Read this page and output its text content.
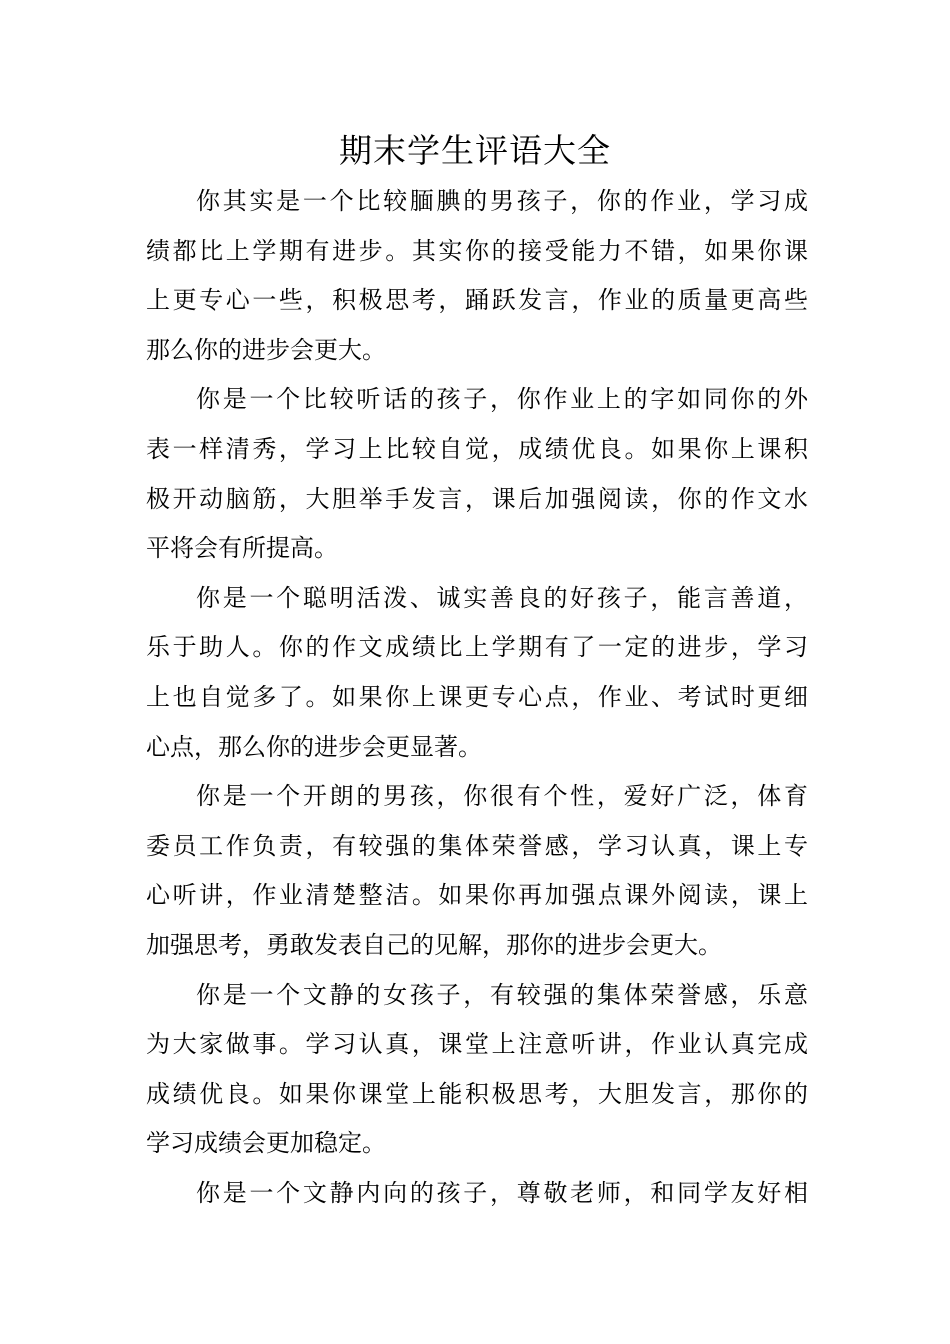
期末学生评语大全
你其实是一个比较腼腆的男孩子，你的作业，学习成
绩都比上学期有进步。其实你的接受能力不错，如果你课
上更专心一些，积极思考，踊跃发言，作业的质量更高些
那么你的进步会更大。
你是一个比较听话的孩子，你作业上的字如同你的外
表一样清秀，学习上比较自觉，成绩优良。如果你上课积
极开动脑筋，大胆举手发言，课后加强阅读，你的作文水
平将会有所提高。
你是一个聪明活泼、诚实善良的好孩子，能言善道，
乐于助人。你的作文成绩比上学期有了一定的进步，学习
上也自觉多了。如果你上课更专心点，作业、考试时更细
心点，那么你的进步会更显著。
你是一个开朗的男孩，你很有个性，爱好广泛，体育
委员工作负责，有较强的集体荣誉感，学习认真，课上专
心听讲，作业清楚整洁。如果你再加强点课外阅读，课上
加强思考，勇敢发表自己的见解，那你的进步会更大。
你是一个文静的女孩子，有较强的集体荣誉感，乐意
为大家做事。学习认真，课堂上注意听讲，作业认真完成
成绩优良。如果你课堂上能积极思考，大胆发言，那你的
学习成绩会更加稳定。
你是一个文静内向的孩子，尊敬老师，和同学友好相
